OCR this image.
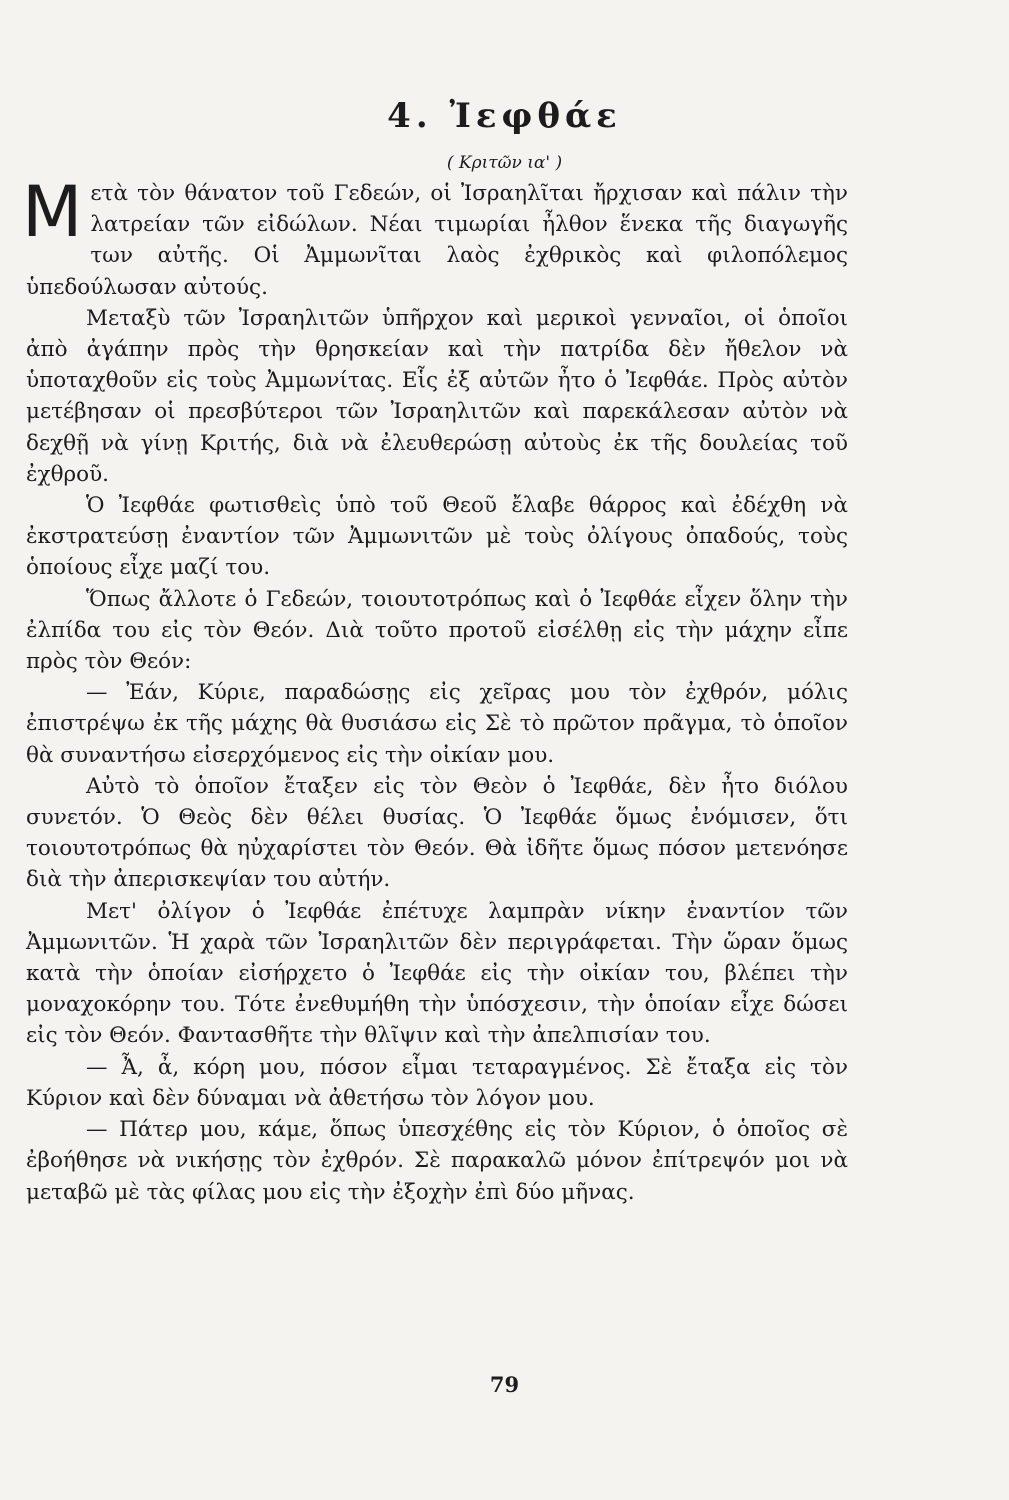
4. Ἰεφθάε
( Κριτῶν ια' )

Μετὰ τὸν θάνατον τοῦ Γεδεών, οἱ Ἰσραηλῖται ἤρχισαν καὶ πάλιν τὴν λατρείαν τῶν εἰδώλων. Νέαι τιμωρίαι ἦλθον ἕνεκα τῆς διαγωγῆς των αὐτῆς. Οἱ Ἀμμωνῖται λαὸς ἐχθρικὸς καὶ φιλοπόλεμος ὑπεδούλωσαν αὐτούς.

Μεταξὺ τῶν Ἰσραηλιτῶν ὑπῆρχον καὶ μερικοὶ γενναῖοι, οἱ ὁποῖοι ἀπὸ ἀγάπην πρὸς τὴν θρησκείαν καὶ τὴν πατρίδα δὲν ἤθελον νὰ ὑποταχθοῦν εἰς τοὺς Ἀμμωνίτας. Εἷς ἐξ αὐτῶν ἦτο ὁ Ἰεφθάε. Πρὸς αὐτὸν μετέβησαν οἱ πρεσβύτεροι τῶν Ἰσραηλιτῶν καὶ παρεκάλεσαν αὐτὸν νὰ δεχθῇ νὰ γίνῃ Κριτής, διὰ νὰ ἐλευθερώσῃ αὐτοὺς ἐκ τῆς δουλείας τοῦ ἐχθροῦ.

Ὁ Ἰεφθάε φωτισθεὶς ὑπὸ τοῦ Θεοῦ ἔλαβε θάρρος καὶ ἐδέχθη νὰ ἐκστρατεύσῃ ἐναντίον τῶν Ἀμμωνιτῶν μὲ τοὺς ὀλίγους ὀπαδούς, τοὺς ὁποίους εἶχε μαζί του.

Ὅπως ἄλλοτε ὁ Γεδεών, τοιουτοτρόπως καὶ ὁ Ἰεφθάε εἶχεν ὅλην τὴν ἐλπίδα του εἰς τὸν Θεόν. Διὰ τοῦτο προτοῦ εἰσέλθῃ εἰς τὴν μάχην εἶπε πρὸς τὸν Θεόν:

— Ἐάν, Κύριε, παραδώσῃς εἰς χεῖρας μου τὸν ἐχθρόν, μόλις ἐπιστρέψω ἐκ τῆς μάχης θὰ θυσιάσω εἰς Σὲ τὸ πρῶτον πρᾶγμα, τὸ ὁποῖον θὰ συναντήσω εἰσερχόμενος εἰς τὴν οἰκίαν μου.

Αὐτὸ τὸ ὁποῖον ἔταξεν εἰς τὸν Θεὸν ὁ Ἰεφθάε, δὲν ἦτο διόλου συνετόν. Ὁ Θεὸς δὲν θέλει θυσίας. Ὁ Ἰεφθάε ὅμως ἐνόμισεν, ὅτι τοιουτοτρόπως θὰ ηὐχαρίστει τὸν Θεόν. Θὰ ἰδῆτε ὅμως πόσον μετενόησε διὰ τὴν ἀπερισκεψίαν του αὐτήν.

Μετ' ὀλίγον ὁ Ἰεφθάε ἐπέτυχε λαμπρὰν νίκην ἐναντίον τῶν Ἀμμωνιτῶν. Ἡ χαρὰ τῶν Ἰσραηλιτῶν δὲν περιγράφεται. Τὴν ὥραν ὅμως κατὰ τὴν ὁποίαν εἰσήρχετο ὁ Ἰεφθάε εἰς τὴν οἰκίαν του, βλέπει τὴν μοναχοκόρην του. Τότε ἐνεθυμήθη τὴν ὑπόσχεσιν, τὴν ὁποίαν εἶχε δώσει εἰς τὸν Θεόν. Φαντασθῆτε τὴν θλῖψιν καὶ τὴν ἀπελπισίαν του.

— Ἆ, ἆ, κόρη μου, πόσον εἶμαι τεταραγμένος. Σὲ ἔταξα εἰς τὸν Κύριον καὶ δὲν δύναμαι νὰ ἀθετήσω τὸν λόγον μου.

— Πάτερ μου, κάμε, ὅπως ὑπεσχέθης εἰς τὸν Κύριον, ὁ ὁποῖος σὲ ἐβοήθησε νὰ νικήσῃς τὸν ἐχθρόν. Σὲ παρακαλῶ μόνον ἐπίτρεψόν μοι νὰ μεταβῶ μὲ τὰς φίλας μου εἰς τὴν ἐξοχὴν ἐπὶ δύο μῆνας.

79
